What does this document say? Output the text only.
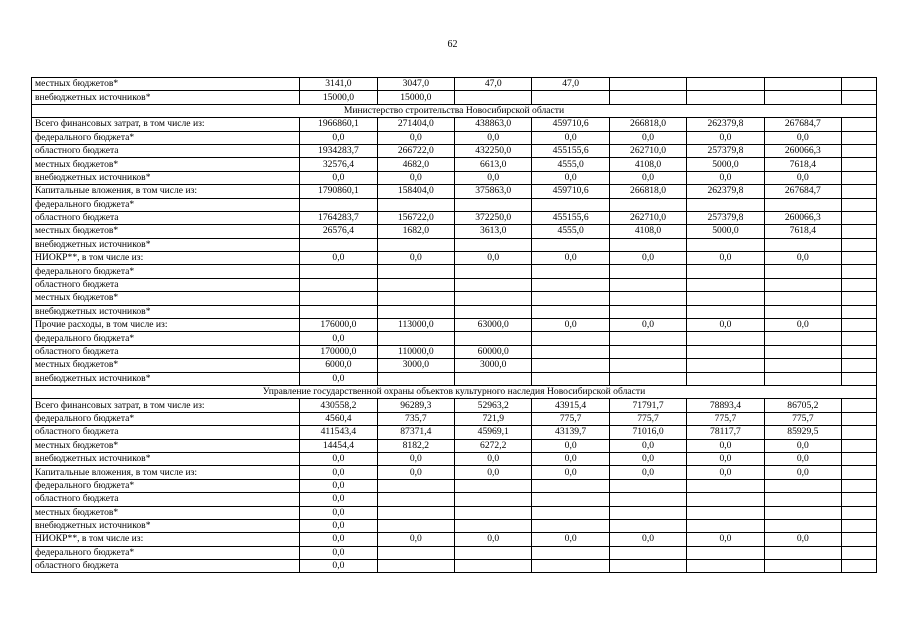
62
местных бюджетов*	3141,0	3047,0	47,0	47,0				
внебюджетных источников*	15000,0	15000,0						
Министерство строительства Новосибирской области								
Всего финансовых затрат, в том числе из:	1966860,1	271404,0	438863,0	459710,6	266818,0	262379,8	267684,7	
федерального бюджета*	0,0	0,0	0,0	0,0	0,0	0,0	0,0	
областного бюджета	1934283,7	266722,0	432250,0	455155,6	262710,0	257379,8	260066,3	
местных бюджетов*	32576,4	4682,0	6613,0	4555,0	4108,0	5000,0	7618,4	
внебюджетных источников*	0,0	0,0	0,0	0,0	0,0	0,0	0,0	
Капитальные вложения, в том числе из:	1790860,1	158404,0	375863,0	459710,6	266818,0	262379,8	267684,7	
федерального бюджета*								
областного бюджета	1764283,7	156722,0	372250,0	455155,6	262710,0	257379,8	260066,3	
местных бюджетов*	26576,4	1682,0	3613,0	4555,0	4108,0	5000,0	7618,4	
внебюджетных источников*								
НИОКР**, в том числе из:	0,0	0,0	0,0	0,0	0,0	0,0	0,0	
федерального бюджета*								
областного бюджета								
местных бюджетов*								
внебюджетных источников*								
Прочие расходы, в том числе из:	176000,0	113000,0	63000,0	0,0	0,0	0,0	0,0	
федерального бюджета*	0,0							
областного бюджета	170000,0	110000,0	60000,0					
местных бюджетов*	6000,0	3000,0	3000,0					
внебюджетных источников*	0,0							
Управление государственной охраны объектов культурного наследия Новосибирской области								
Всего финансовых затрат, в том числе из:	430558,2	96289,3	52963,2	43915,4	71791,7	78893,4	86705,2	
федерального бюджета*	4560,4	735,7	721,9	775,7	775,7	775,7	775,7	
областного бюджета	411543,4	87371,4	45969,1	43139,7	71016,0	78117,7	85929,5	
местных бюджетов*	14454,4	8182,2	6272,2	0,0	0,0	0,0	0,0	
внебюджетных источников*	0,0	0,0	0,0	0,0	0,0	0,0	0,0	
Капитальные вложения, в том числе из:	0,0	0,0	0,0	0,0	0,0	0,0	0,0	
федерального бюджета*	0,0							
областного бюджета	0,0							
местных бюджетов*	0,0							
внебюджетных источников*	0,0							
НИОКР**, в том числе из:	0,0	0,0	0,0	0,0	0,0	0,0	0,0	
федерального бюджета*	0,0							
областного бюджета	0,0							
